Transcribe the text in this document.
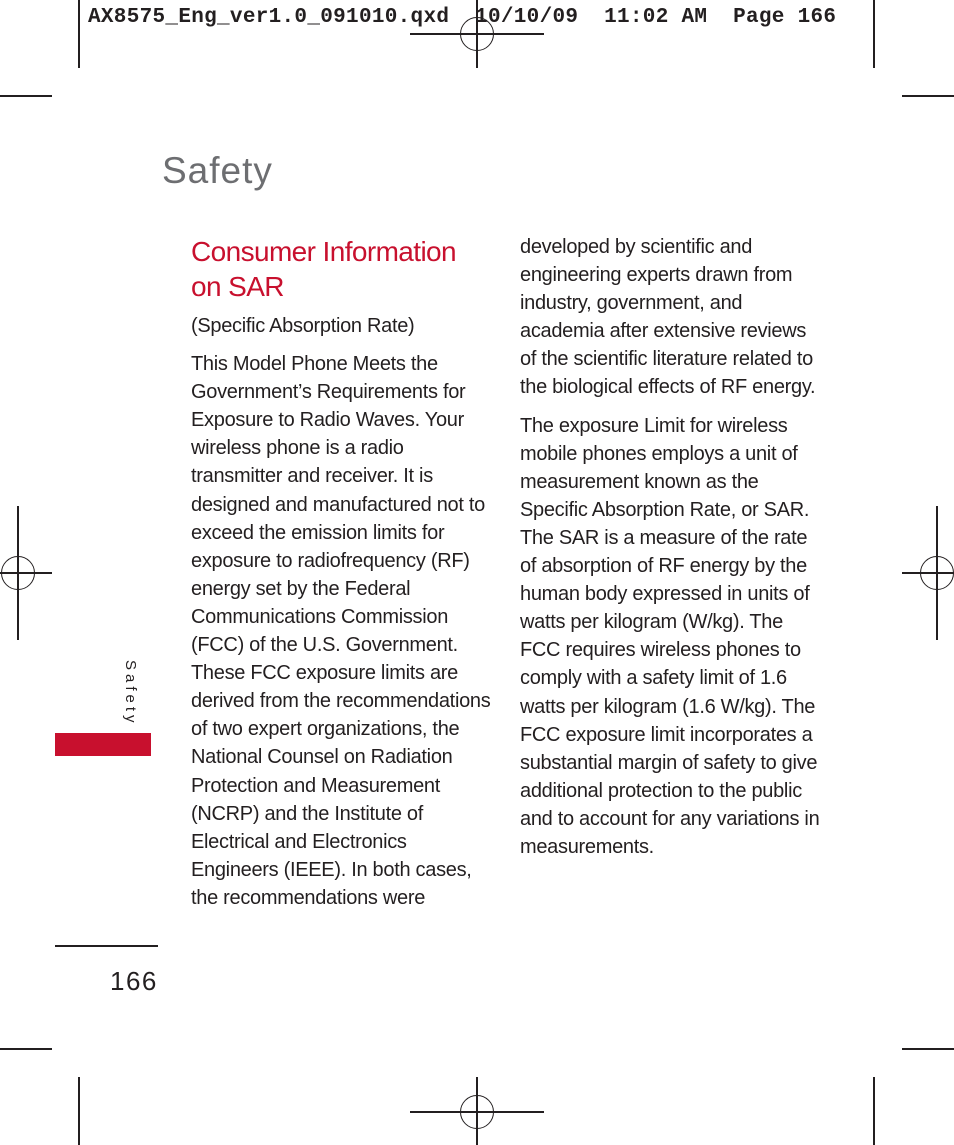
AX8575_Eng_ver1.0_091010.qxd  10/10/09  11:02 AM  Page 166
Safety
Consumer Information on SAR

(Specific Absorption Rate)

This Model Phone Meets the Government’s Requirements for Exposure to Radio Waves. Your wireless phone is a radio transmitter and receiver. It is designed and manufactured not to exceed the emission limits for exposure to radiofrequency (RF) energy set by the Federal Communications Commission (FCC) of the U.S. Government. These FCC exposure limits are derived from the recommendations of two expert organizations, the National Counsel on Radiation Protection and Measurement (NCRP) and the Institute of Electrical and Electronics Engineers (IEEE). In both cases, the recommendations were

developed by scientific and engineering experts drawn from industry, government, and academia after extensive reviews of the scientific literature related to the biological effects of RF energy.

The exposure Limit for wireless mobile phones employs a unit of measurement known as the Specific Absorption Rate, or SAR. The SAR is a measure of the rate of absorption of RF energy by the human body expressed in units of watts per kilogram (W/kg). The FCC requires wireless phones to comply with a safety limit of 1.6 watts per kilogram (1.6 W/kg). The FCC exposure limit incorporates a substantial margin of safety to give additional protection to the public and to account for any variations in measurements.

Safety
166
